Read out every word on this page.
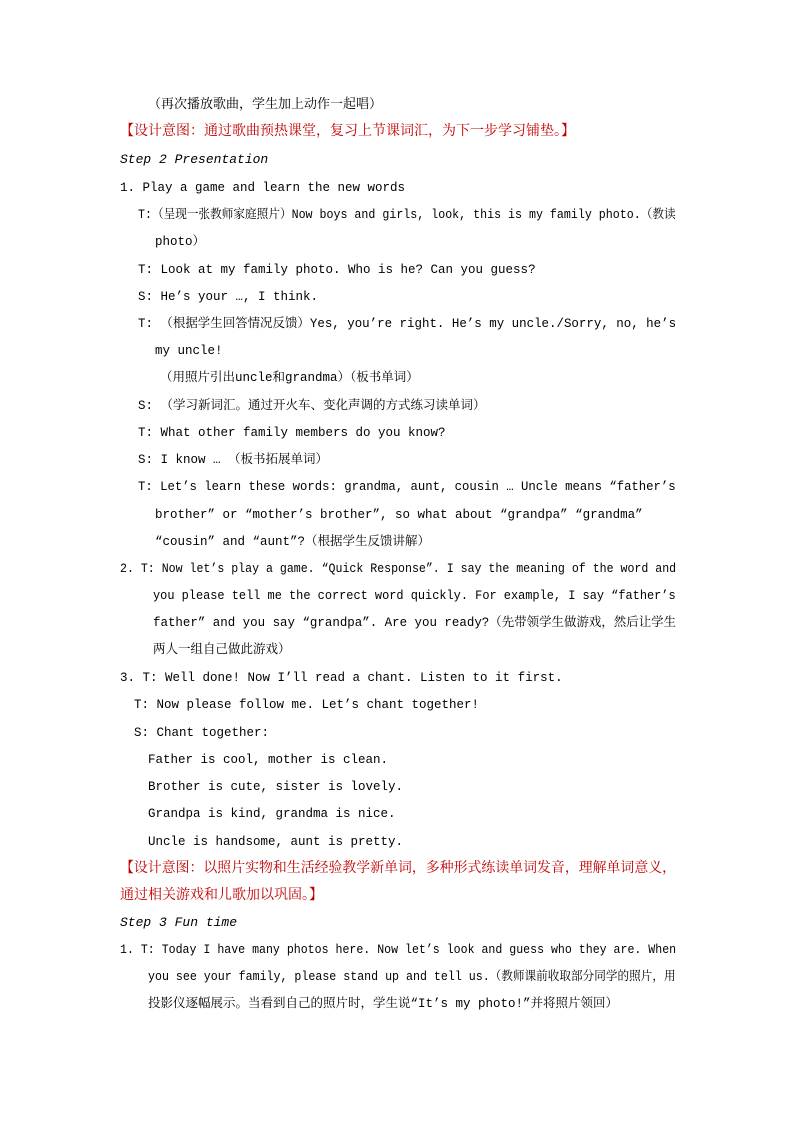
（再次播放歌曲，学生加上动作一起唱）
【设计意图：通过歌曲预热课堂，复习上节课词汇，为下一步学习铺垫。】
Step 2 Presentation
1. Play a game and learn the new words
T:（呈现一张教师家庭照片）Now boys and girls, look, this is my family photo.（教读
photo）
T: Look at my family photo. Who is he? Can you guess?
S: He’s your …, I think.
T: （根据学生回答情况反馈）Yes, you’re right. He’s my uncle./Sorry, no, he’s
my uncle!
（用照片引出uncle和grandma）（板书单词）
S: （学习新词汇。通过开火车、变化声调的方式练习读单词）
T: What other family members do you know?
S: I know … （板书拓展单词）
T: Let’s learn these words: grandma, aunt, cousin … Uncle means “father’s
brother” or “mother’s brother”, so what about “grandpa” “grandma”
“cousin” and “aunt”?（根据学生反馈讲解）
2. T: Now let’s play a game. “Quick Response”. I say the meaning of the word and
you please tell me the correct word quickly. For example, I say “father’s
father” and you say “grandpa”. Are you ready?（先带领学生做游戏，然后让学生
两人一组自己做此游戏）
3. T: Well done! Now I’ll read a chant. Listen to it first.
T: Now please follow me. Let’s chant together!
S: Chant together:
Father is cool, mother is clean.
Brother is cute, sister is lovely.
Grandpa is kind, grandma is nice.
Uncle is handsome, aunt is pretty.
【设计意图：以照片实物和生活经验教学新单词，多种形式练读单词发音，理解单词意义，
通过相关游戏和儿歌加以巩固。】
Step 3 Fun time
1. T: Today I have many photos here. Now let’s look and guess who they are. When
you see your family, please stand up and tell us.（教师课前收取部分同学的照片，用
投影仪逐幅展示。当看到自己的照片时，学生说“It’s my photo!”并将照片领回）
